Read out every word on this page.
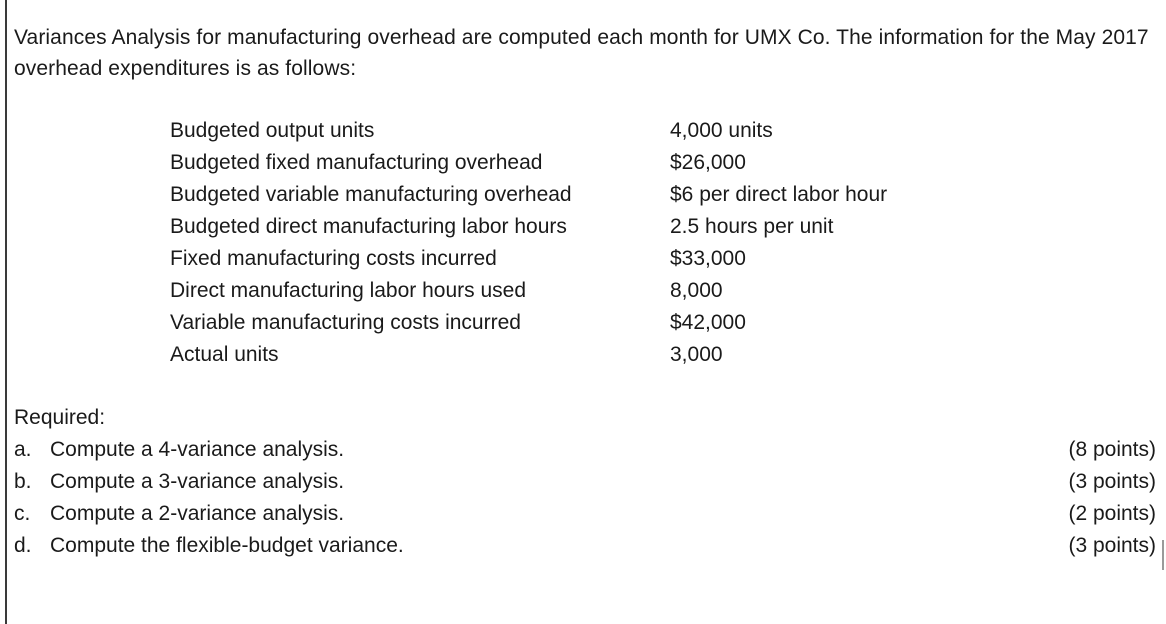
Variances Analysis for manufacturing overhead are computed each month for UMX Co. The information for the May 2017 overhead expenditures is as follows:
Budgeted output units	4,000 units
Budgeted fixed manufacturing overhead	$26,000
Budgeted variable manufacturing overhead	$6 per direct labor hour
Budgeted direct manufacturing labor hours	2.5 hours per unit
Fixed manufacturing costs incurred	$33,000
Direct manufacturing labor hours used	8,000
Variable manufacturing costs incurred	$42,000
Actual units	3,000
Required:
a. Compute a 4-variance analysis.	(8 points)
b. Compute a 3-variance analysis.	(3 points)
c. Compute a 2-variance analysis.	(2 points)
d. Compute the flexible-budget variance.	(3 points)
